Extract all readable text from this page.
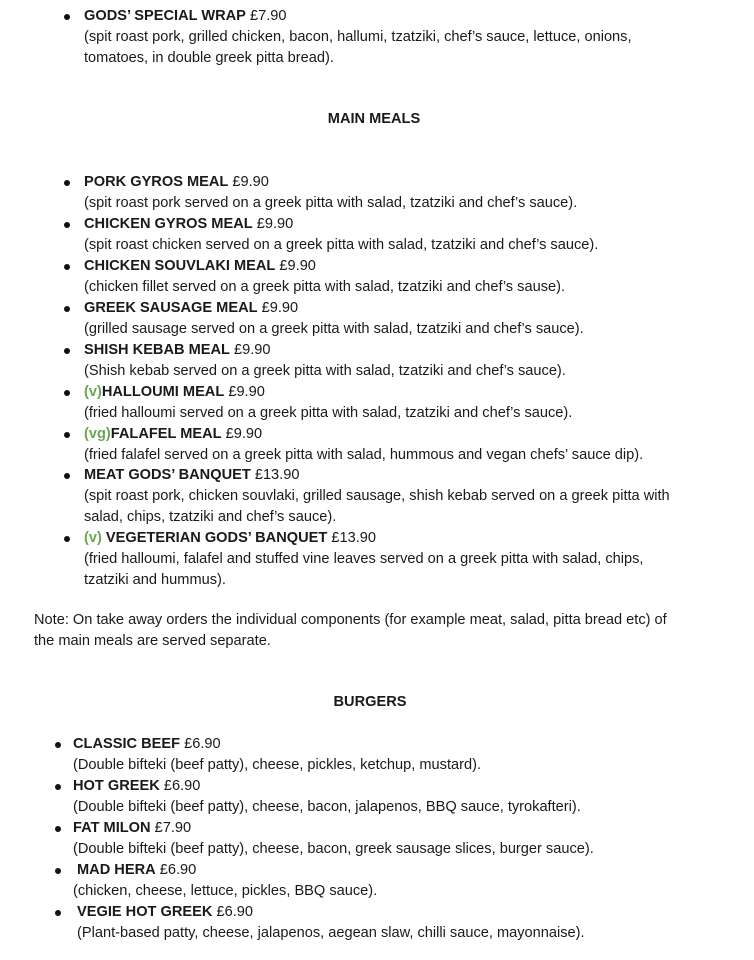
GODS’ SPECIAL WRAP £7.90
(spit roast pork, grilled chicken, bacon, hallumi, tzatziki, chef’s sauce, lettuce, onions, tomatoes, in double greek pitta bread).
MAIN MEALS
PORK GYROS MEAL £9.90
(spit roast pork served on a greek pitta with salad, tzatziki and chef’s sauce).
CHICKEN GYROS MEAL £9.90
(spit roast chicken served on a greek pitta with salad, tzatziki and chef’s sauce).
CHICKEN SOUVLAKI MEAL £9.90
(chicken fillet served on a greek pitta with salad, tzatziki and chef’s sause).
GREEK SAUSAGE MEAL £9.90
(grilled sausage served on a greek pitta with salad, tzatziki and chef’s sauce).
SHISH KEBAB MEAL £9.90
(Shish kebab served on a greek pitta with salad, tzatziki and chef’s sauce).
(v)HALLOUMI MEAL £9.90
(fried halloumi served on a greek pitta with salad, tzatziki and chef’s sauce).
(vg)FALAFEL MEAL £9.90
(fried falafel served on a greek pitta with salad, hummous and vegan chefs’ sauce dip).
MEAT GODS’ BANQUET £13.90
(spit roast pork, chicken souvlaki, grilled sausage, shish kebab served on a greek pitta with salad, chips, tzatziki and chef’s sauce).
(v) VEGETERIAN GODS’ BANQUET £13.90
(fried halloumi, falafel and stuffed vine leaves served on a greek pitta with salad, chips, tzatziki and hummus).
Note: On take away orders the individual components (for example meat, salad, pitta bread etc) of the main meals are served separate.
BURGERS
CLASSIC BEEF £6.90
(Double bifteki (beef patty), cheese, pickles, ketchup, mustard).
HOT GREEK £6.90
(Double bifteki (beef patty), cheese, bacon, jalapenos, BBQ sauce, tyrokafteri).
FAT MILON £7.90
(Double bifteki (beef patty), cheese, bacon, greek sausage slices, burger sauce).
MAD HERA £6.90
(chicken, cheese, lettuce, pickles, BBQ sauce).
VEGIE HOT GREEK £6.90
(Plant-based patty, cheese, jalapenos, aegean slaw, chilli sauce, mayonnaise).
